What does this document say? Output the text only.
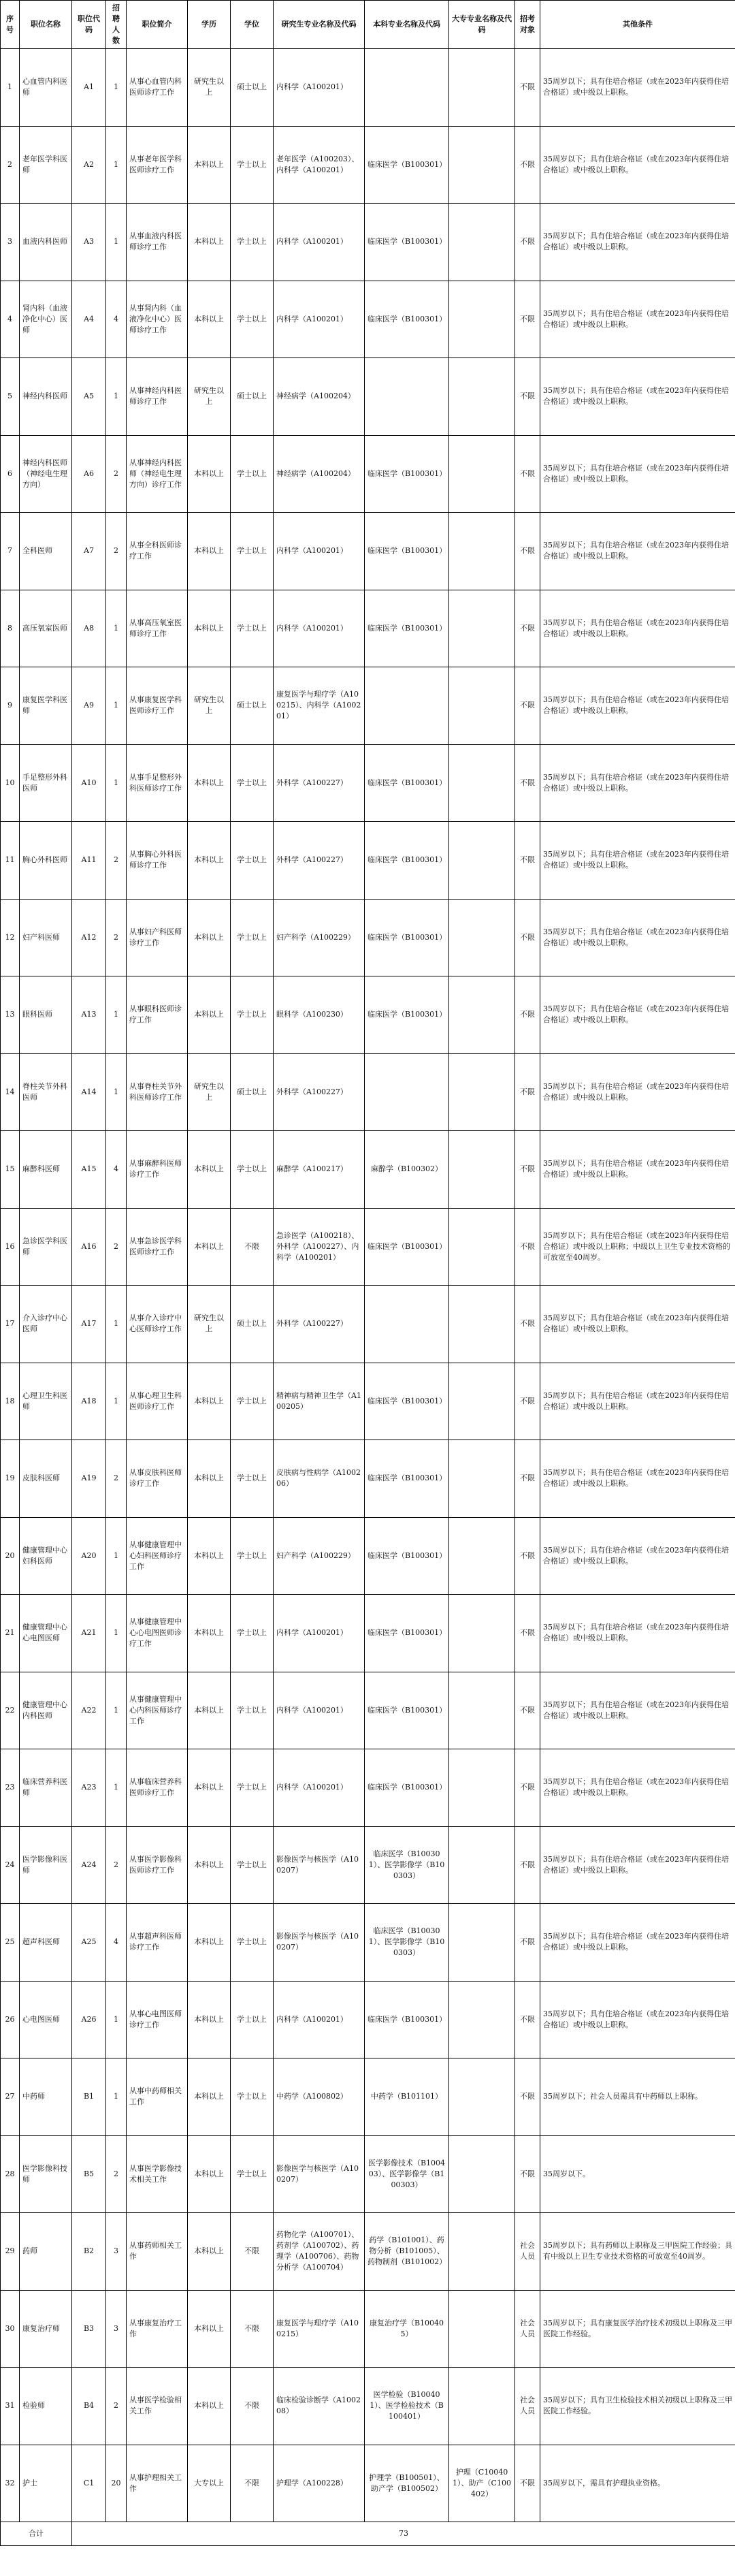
序号	职位名称	职位代码	招聘人数	职位简介	学历	学位	研究生专业名称及代码	本科专业名称及代码	大专专业名称及代码	招考对象	其他条件
1	心血管内科医师	A1	1	从事心血管内科医师诊疗工作	研究生以上	硕士以上	内科学（A100201）			不限	35周岁以下；具有住培合格证（或在2023年内获得住培合格证）或中级以上职称。
2	老年医学科医师	A2	1	从事老年医学科医师诊疗工作	本科以上	学士以上	老年医学（A100203）、内科学（A100201）	临床医学（B100301）		不限	35周岁以下；具有住培合格证（或在2023年内获得住培合格证）或中级以上职称。
3	血液内科医师	A3	1	从事血液内科医师诊疗工作	本科以上	学士以上	内科学（A100201）	临床医学（B100301）		不限	35周岁以下；具有住培合格证（或在2023年内获得住培合格证）或中级以上职称。
4	肾内科（血液净化中心）医师	A4	4	从事肾内科（血液净化中心）医师诊疗工作	本科以上	学士以上	内科学（A100201）	临床医学（B100301）		不限	35周岁以下；具有住培合格证（或在2023年内获得住培合格证）或中级以上职称。
5	神经内科医师	A5	1	从事神经内科医师诊疗工作	研究生以上	硕士以上	神经病学（A100204）			不限	35周岁以下；具有住培合格证（或在2023年内获得住培合格证）或中级以上职称。
6	神经内科医师（神经电生理方向）	A6	2	从事神经内科医师（神经电生理方向）诊疗工作	本科以上	学士以上	神经病学（A100204）	临床医学（B100301）		不限	35周岁以下；具有住培合格证（或在2023年内获得住培合格证）或中级以上职称。
7	全科医师	A7	2	从事全科医师诊疗工作	本科以上	学士以上	内科学（A100201）	临床医学（B100301）		不限	35周岁以下；具有住培合格证（或在2023年内获得住培合格证）或中级以上职称。
8	高压氧室医师	A8	1	从事高压氧室医师诊疗工作	本科以上	学士以上	内科学（A100201）	临床医学（B100301）		不限	35周岁以下；具有住培合格证（或在2023年内获得住培合格证）或中级以上职称。
9	康复医学科医师	A9	1	从事康复医学科医师诊疗工作	研究生以上	硕士以上	康复医学与理疗学（A100215）、内科学（A100201）			不限	35周岁以下；具有住培合格证（或在2023年内获得住培合格证）或中级以上职称。
10	手足整形外科医师	A10	1	从事手足整形外科医师诊疗工作	本科以上	学士以上	外科学（A100227）	临床医学（B100301）		不限	35周岁以下；具有住培合格证（或在2023年内获得住培合格证）或中级以上职称。
11	胸心外科医师	A11	2	从事胸心外科医师诊疗工作	本科以上	学士以上	外科学（A100227）	临床医学（B100301）		不限	35周岁以下；具有住培合格证（或在2023年内获得住培合格证）或中级以上职称。
12	妇产科医师	A12	2	从事妇产科医师诊疗工作	本科以上	学士以上	妇产科学（A100229）	临床医学（B100301）		不限	35周岁以下；具有住培合格证（或在2023年内获得住培合格证）或中级以上职称。
13	眼科医师	A13	1	从事眼科医师诊疗工作	本科以上	学士以上	眼科学（A100230）	临床医学（B100301）		不限	35周岁以下；具有住培合格证（或在2023年内获得住培合格证）或中级以上职称。
14	脊柱关节外科医师	A14	1	从事脊柱关节外科医师诊疗工作	研究生以上	硕士以上	外科学（A100227）			不限	35周岁以下；具有住培合格证（或在2023年内获得住培合格证）或中级以上职称。
15	麻醉科医师	A15	4	从事麻醉科医师诊疗工作	本科以上	学士以上	麻醉学（A100217）	麻醉学（B100302）		不限	35周岁以下；具有住培合格证（或在2023年内获得住培合格证）或中级以上职称。
16	急诊医学科医师	A16	2	从事急诊医学科医师诊疗工作	本科以上	不限	急诊医学（A100218）、外科学（A100227）、内科学（A100201）	临床医学（B100301）		不限	35周岁以下；具有住培合格证（或在2023年内获得住培合格证）或中级以上职称；中级以上卫生专业技术资格的可放宽至40周岁。
17	介入诊疗中心医师	A17	1	从事介入诊疗中心医师诊疗工作	研究生以上	硕士以上	外科学（A100227）			不限	35周岁以下；具有住培合格证（或在2023年内获得住培合格证）或中级以上职称。
18	心理卫生科医师	A18	1	从事心理卫生科医师诊疗工作	本科以上	学士以上	精神病与精神卫生学（A100205）	临床医学（B100301）		不限	35周岁以下；具有住培合格证（或在2023年内获得住培合格证）或中级以上职称。
19	皮肤科医师	A19	2	从事皮肤科医师诊疗工作	本科以上	学士以上	皮肤病与性病学（A100206）	临床医学（B100301）		不限	35周岁以下；具有住培合格证（或在2023年内获得住培合格证）或中级以上职称。
20	健康管理中心妇科医师	A20	1	从事健康管理中心妇科医师诊疗工作	本科以上	学士以上	妇产科学（A100229）	临床医学（B100301）		不限	35周岁以下；具有住培合格证（或在2023年内获得住培合格证）或中级以上职称。
21	健康管理中心心电图医师	A21	1	从事健康管理中心心电图医师诊疗工作	本科以上	学士以上	内科学（A100201）	临床医学（B100301）		不限	35周岁以下；具有住培合格证（或在2023年内获得住培合格证）或中级以上职称。
22	健康管理中心内科医师	A22	1	从事健康管理中心内科医师诊疗工作	本科以上	学士以上	内科学（A100201）	临床医学（B100301）		不限	35周岁以下；具有住培合格证（或在2023年内获得住培合格证）或中级以上职称。
23	临床营养科医师	A23	1	从事临床营养科医师诊疗工作	本科以上	学士以上	内科学（A100201）	临床医学（B100301）		不限	35周岁以下；具有住培合格证（或在2023年内获得住培合格证）或中级以上职称。
24	医学影像科医师	A24	2	从事医学影像科医师诊疗工作	本科以上	学士以上	影像医学与核医学（A100207）	临床医学（B100301）、医学影像学（B100303）		不限	35周岁以下；具有住培合格证（或在2023年内获得住培合格证）或中级以上职称。
25	超声科医师	A25	4	从事超声科医师诊疗工作	本科以上	学士以上	影像医学与核医学（A100207）	临床医学（B100301）、医学影像学（B100303）		不限	35周岁以下；具有住培合格证（或在2023年内获得住培合格证）或中级以上职称。
26	心电图医师	A26	1	从事心电图医师诊疗工作	本科以上	学士以上	内科学（A100201）	临床医学（B100301）		不限	35周岁以下；具有住培合格证（或在2023年内获得住培合格证）或中级以上职称。
27	中药师	B1	1	从事中药师相关工作	本科以上	学士以上	中药学（A100802）	中药学（B101101）		不限	35周岁以下；社会人员需具有中药师以上职称。
28	医学影像科技师	B5	2	从事医学影像技术相关工作	本科以上	学士以上	影像医学与核医学（A100207）	医学影像技术（B100403）、医学影像学（B100303）		不限	35周岁以下。
29	药师	B2	3	从事药师相关工作	本科以上	不限	药物化学（A100701）、药剂学（A100702）、药理学（A100706）、药物分析学（A100704）	药学（B101001）、药物分析（B101005）、药物制剂（B101002）		社会人员	35周岁以下；具有药师以上职称及三甲医院工作经验；具有中级以上卫生专业技术资格的可放宽至40周岁。
30	康复治疗师	B3	3	从事康复治疗工作	本科以上	不限	康复医学与理疗学（A100215）	康复治疗学（B100405）		社会人员	35周岁以下；具有康复医学治疗技术初级以上职称及三甲医院工作经验。
31	检验师	B4	2	从事医学检验相关工作	本科以上	不限	临床检验诊断学（A100208）	医学检验（B100401）、医学检验技术（B100401）		社会人员	35周岁以下；具有卫生检验技术相关初级以上职称及三甲医院工作经验。
32	护士	C1	20	从事护理相关工作	大专以上	不限	护理学（A100228）	护理学（B100501）、助产学（B100502）	护理（C100401）、助产（C100402）	不限	35周岁以下，需具有护理执业资格。
合计		73									
